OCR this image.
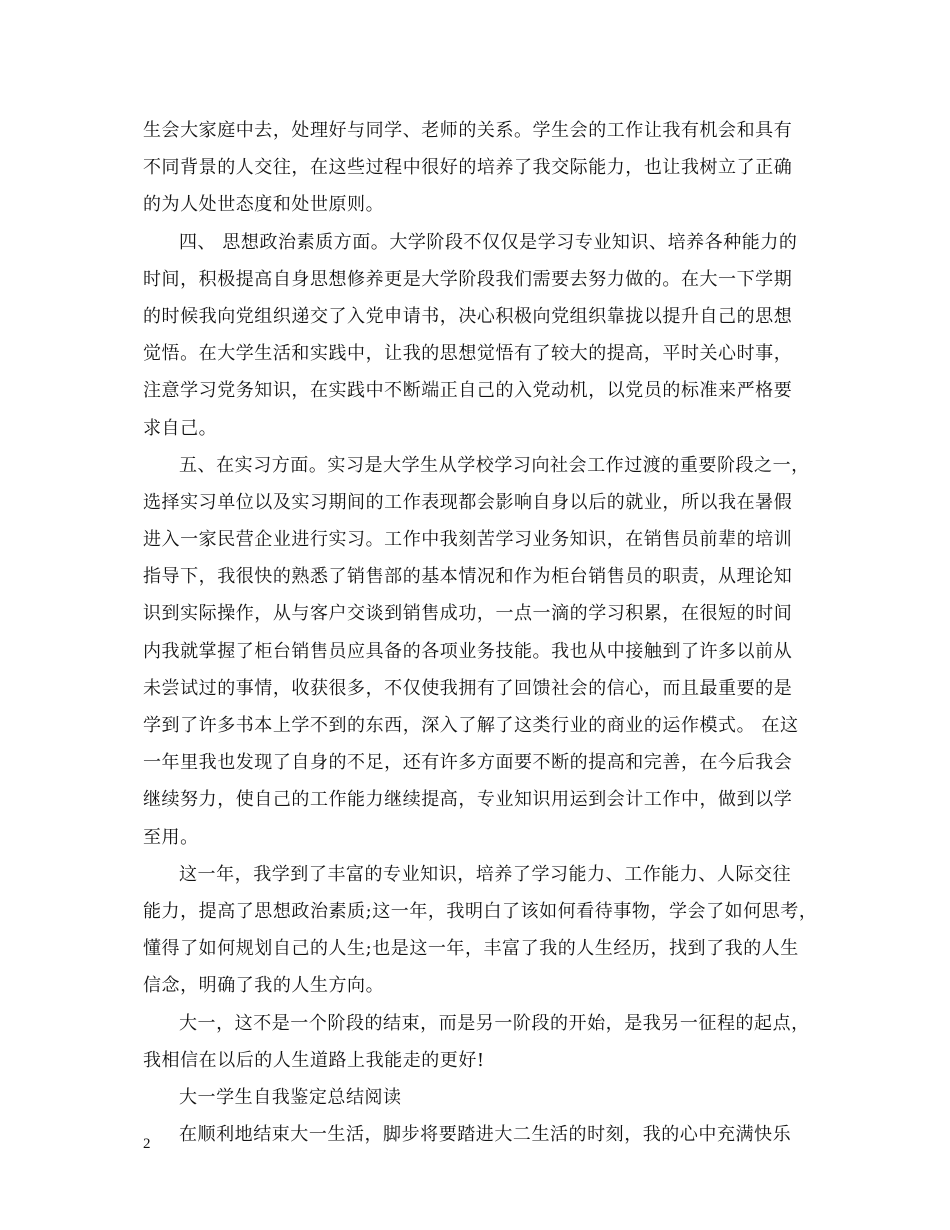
生会大家庭中去，处理好与同学、老师的关系。学生会的工作让我有机会和具有
不同背景的人交往，在这些过程中很好的培养了我交际能力，也让我树立了正确
的为人处世态度和处世原则。
四、 思想政治素质方面。大学阶段不仅仅是学习专业知识、培养各种能力的
时间，积极提高自身思想修养更是大学阶段我们需要去努力做的。在大一下学期
的时候我向党组织递交了入党申请书，决心积极向党组织靠拢以提升自己的思想
觉悟。在大学生活和实践中，让我的思想觉悟有了较大的提高，平时关心时事，
注意学习党务知识，在实践中不断端正自己的入党动机，以党员的标准来严格要
求自己。
五、在实习方面。实习是大学生从学校学习向社会工作过渡的重要阶段之一，
选择实习单位以及实习期间的工作表现都会影响自身以后的就业，所以我在暑假
进入一家民营企业进行实习。工作中我刻苦学习业务知识，在销售员前辈的培训
指导下，我很快的熟悉了销售部的基本情况和作为柜台销售员的职责，从理论知
识到实际操作，从与客户交谈到销售成功，一点一滴的学习积累，在很短的时间
内我就掌握了柜台销售员应具备的各项业务技能。我也从中接触到了许多以前从
未尝试过的事情，收获很多，不仅使我拥有了回馈社会的信心，而且最重要的是
学到了许多书本上学不到的东西，深入了解了这类行业的商业的运作模式。 在这
一年里我也发现了自身的不足，还有许多方面要不断的提高和完善，在今后我会
继续努力，使自己的工作能力继续提高，专业知识用运到会计工作中，做到以学
至用。
这一年，我学到了丰富的专业知识，培养了学习能力、工作能力、人际交往
能力，提高了思想政治素质;这一年，我明白了该如何看待事物，学会了如何思考，
懂得了如何规划自己的人生;也是这一年，丰富了我的人生经历，找到了我的人生
信念，明确了我的人生方向。
大一，这不是一个阶段的结束，而是另一阶段的开始，是我另一征程的起点，
我相信在以后的人生道路上我能走的更好!
大一学生自我鉴定总结阅读
在顺利地结束大一生活，脚步将要踏进大二生活的时刻，我的心中充满快乐
2
